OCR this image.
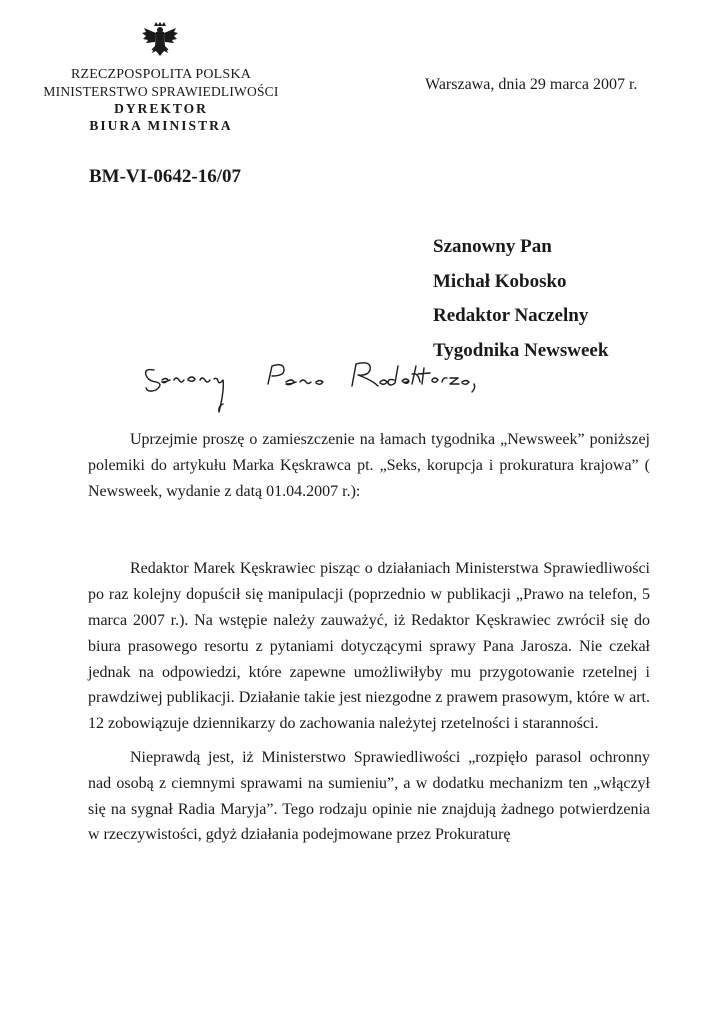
RZECZPOSPOLITA POLSKA
MINISTERSTWO SPRAWIEDLIWOŚCI
DYREKTOR
BIURA MINISTRA
Warszawa, dnia 29 marca 2007 r.
BM-VI-0642-16/07
Szanowny Pan
Michał Kobosko
Redaktor Naczelny
Tygodnika Newsweek

Uprzejmie proszę o zamieszczenie na łamach tygodnika „Newsweek” poniższej polemiki do artykułu Marka Kęskrawca pt. „Seks, korupcja i prokuratura krajowa” ( Newsweek, wydanie z datą 01.04.2007 r.):

Redaktor Marek Kęskrawiec pisząc o działaniach Ministerstwa Sprawiedliwości po raz kolejny dopuścił się manipulacji (poprzednio w publikacji „Prawo na telefon, 5 marca 2007 r.). Na wstępie należy zauważyć, iż Redaktor Kęskrawiec zwrócił się do biura prasowego resortu z pytaniami dotyczącymi sprawy Pana Jarosza. Nie czekał jednak na odpowiedzi, które zapewne umożliwiłyby mu przygotowanie rzetelnej i prawdziwej publikacji. Działanie takie jest niezgodne z prawem prasowym, które w art. 12 zobowiązuje dziennikarzy do zachowania należytej rzetelności i staranności.

Nieprawdą jest, iż Ministerstwo Sprawiedliwości „rozpięło parasol ochronny nad osobą z ciemnymi sprawami na sumieniu”, a w dodatku mechanizm ten „włączył się na sygnał Radia Maryja”. Tego rodzaju opinie nie znajdują żadnego potwierdzenia w rzeczywistości, gdyż działania podejmowane przez Prokuraturę
